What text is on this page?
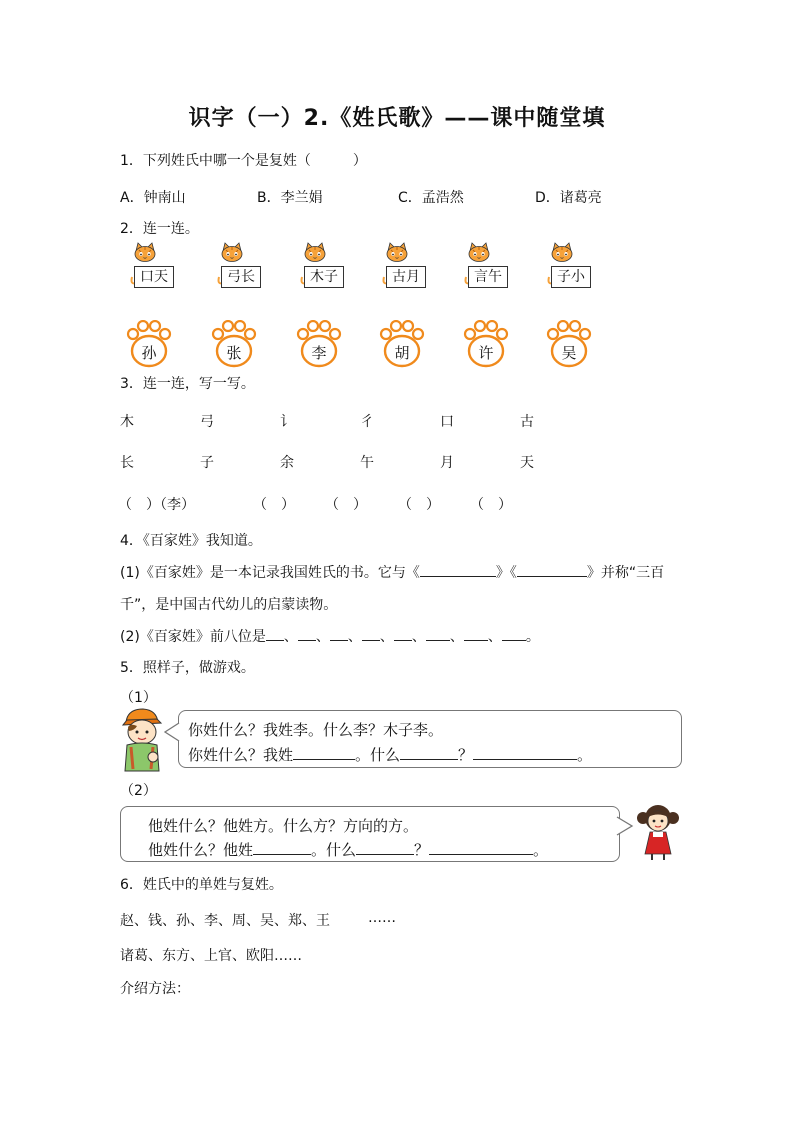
识字（一）2.《姓氏歌》——课中随堂填
1．下列姓氏中哪一个是复姓（　　　）
A．钟南山	B．李兰娟	C．孟浩然	D．诸葛亮
2．连一连。
口天	弓长	木子	古月	言午	子小
孙	张	李	胡	许	吴
3．连一连，写一写。
木	弓	讠	彳	口	古
长	子	余	午	月	天
（　）（李）	（　） （　） （　） （　）
4．《百家姓》我知道。
(1)《百家姓》是一本记录我国姓氏的书。它与《	》《	》并称“三百
千”，是中国古代幼儿的启蒙读物。
(2)《百家姓》前八位是 、 、 、 、 、 、 、 。
5．照样子，做游戏。
（1）
你姓什么？我姓李。什么李？木子李。
你姓什么？我姓	。什么	？	。
（2）
他姓什么？他姓方。什么方？方向的方。
他姓什么？他姓	。什么	？	。
6．姓氏中的单姓与复姓。
赵、钱、孙、李、周、吴、郑、王	……
诸葛、东方、上官、欧阳……
介绍方法：
